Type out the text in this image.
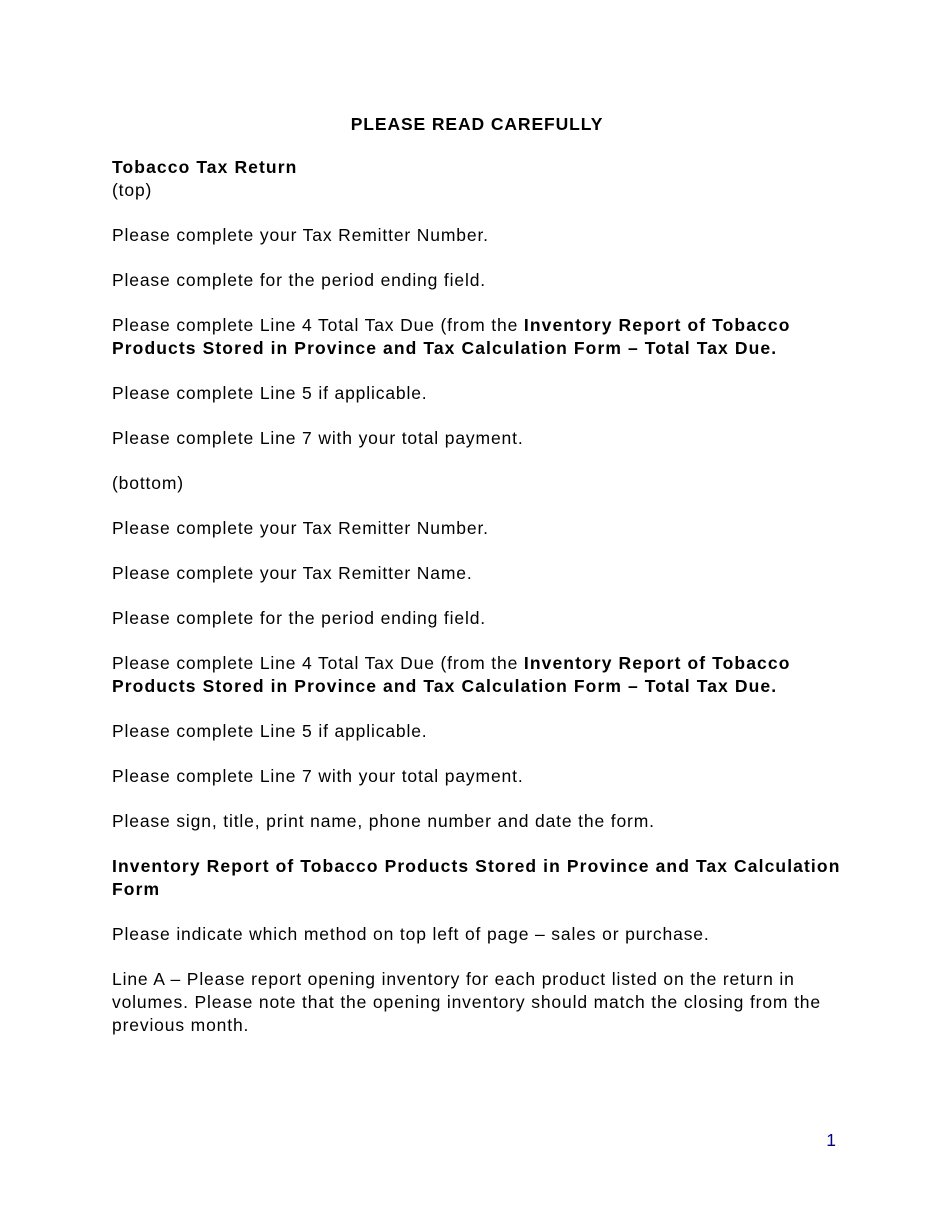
PLEASE READ CAREFULLY

Tobacco Tax Return

(top)

Please complete your Tax Remitter Number.

Please complete for the period ending field.

Please complete Line 4 Total Tax Due (from the Inventory Report of Tobacco Products Stored in Province and Tax Calculation Form – Total Tax Due.

Please complete Line 5 if applicable.

Please complete Line 7 with your total payment.

(bottom)

Please complete your Tax Remitter Number.

Please complete your Tax Remitter Name.

Please complete for the period ending field.

Please complete Line 4 Total Tax Due (from the Inventory Report of Tobacco Products Stored in Province and Tax Calculation Form – Total Tax Due.

Please complete Line 5 if applicable.

Please complete Line 7 with your total payment.

Please sign, title, print name, phone number and date the form.

Inventory Report of Tobacco Products Stored in Province and Tax Calculation Form

Please indicate which method on top left of page – sales or purchase.

Line A – Please report opening inventory for each product listed on the return in volumes. Please note that the opening inventory should match the closing from the previous month.

1
